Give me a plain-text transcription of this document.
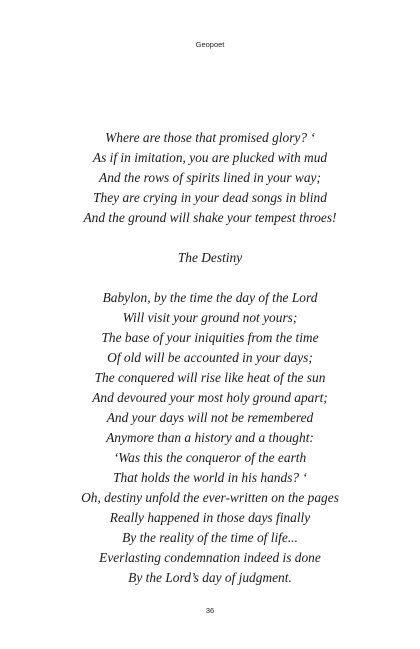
Geopoet
Where are those that promised glory? ‘
As if in imitation, you are plucked with mud
And the rows of spirits lined in your way;
They are crying in your dead songs in blind
And the ground will shake your tempest throes!
The Destiny
Babylon, by the time the day of the Lord
Will visit your ground not yours;
The base of your iniquities from the time
Of old will be accounted in your days;
The conquered will rise like heat of the sun
And devoured your most holy ground apart;
And your days will not be remembered
Anymore than a history and a thought:
‘Was this the conqueror of the earth
That holds the world in his hands? ‘
Oh, destiny unfold the ever-written on the pages
Really happened in those days finally
By the reality of the time of life...
Everlasting condemnation indeed is done
By the Lord’s day of judgment.
36
